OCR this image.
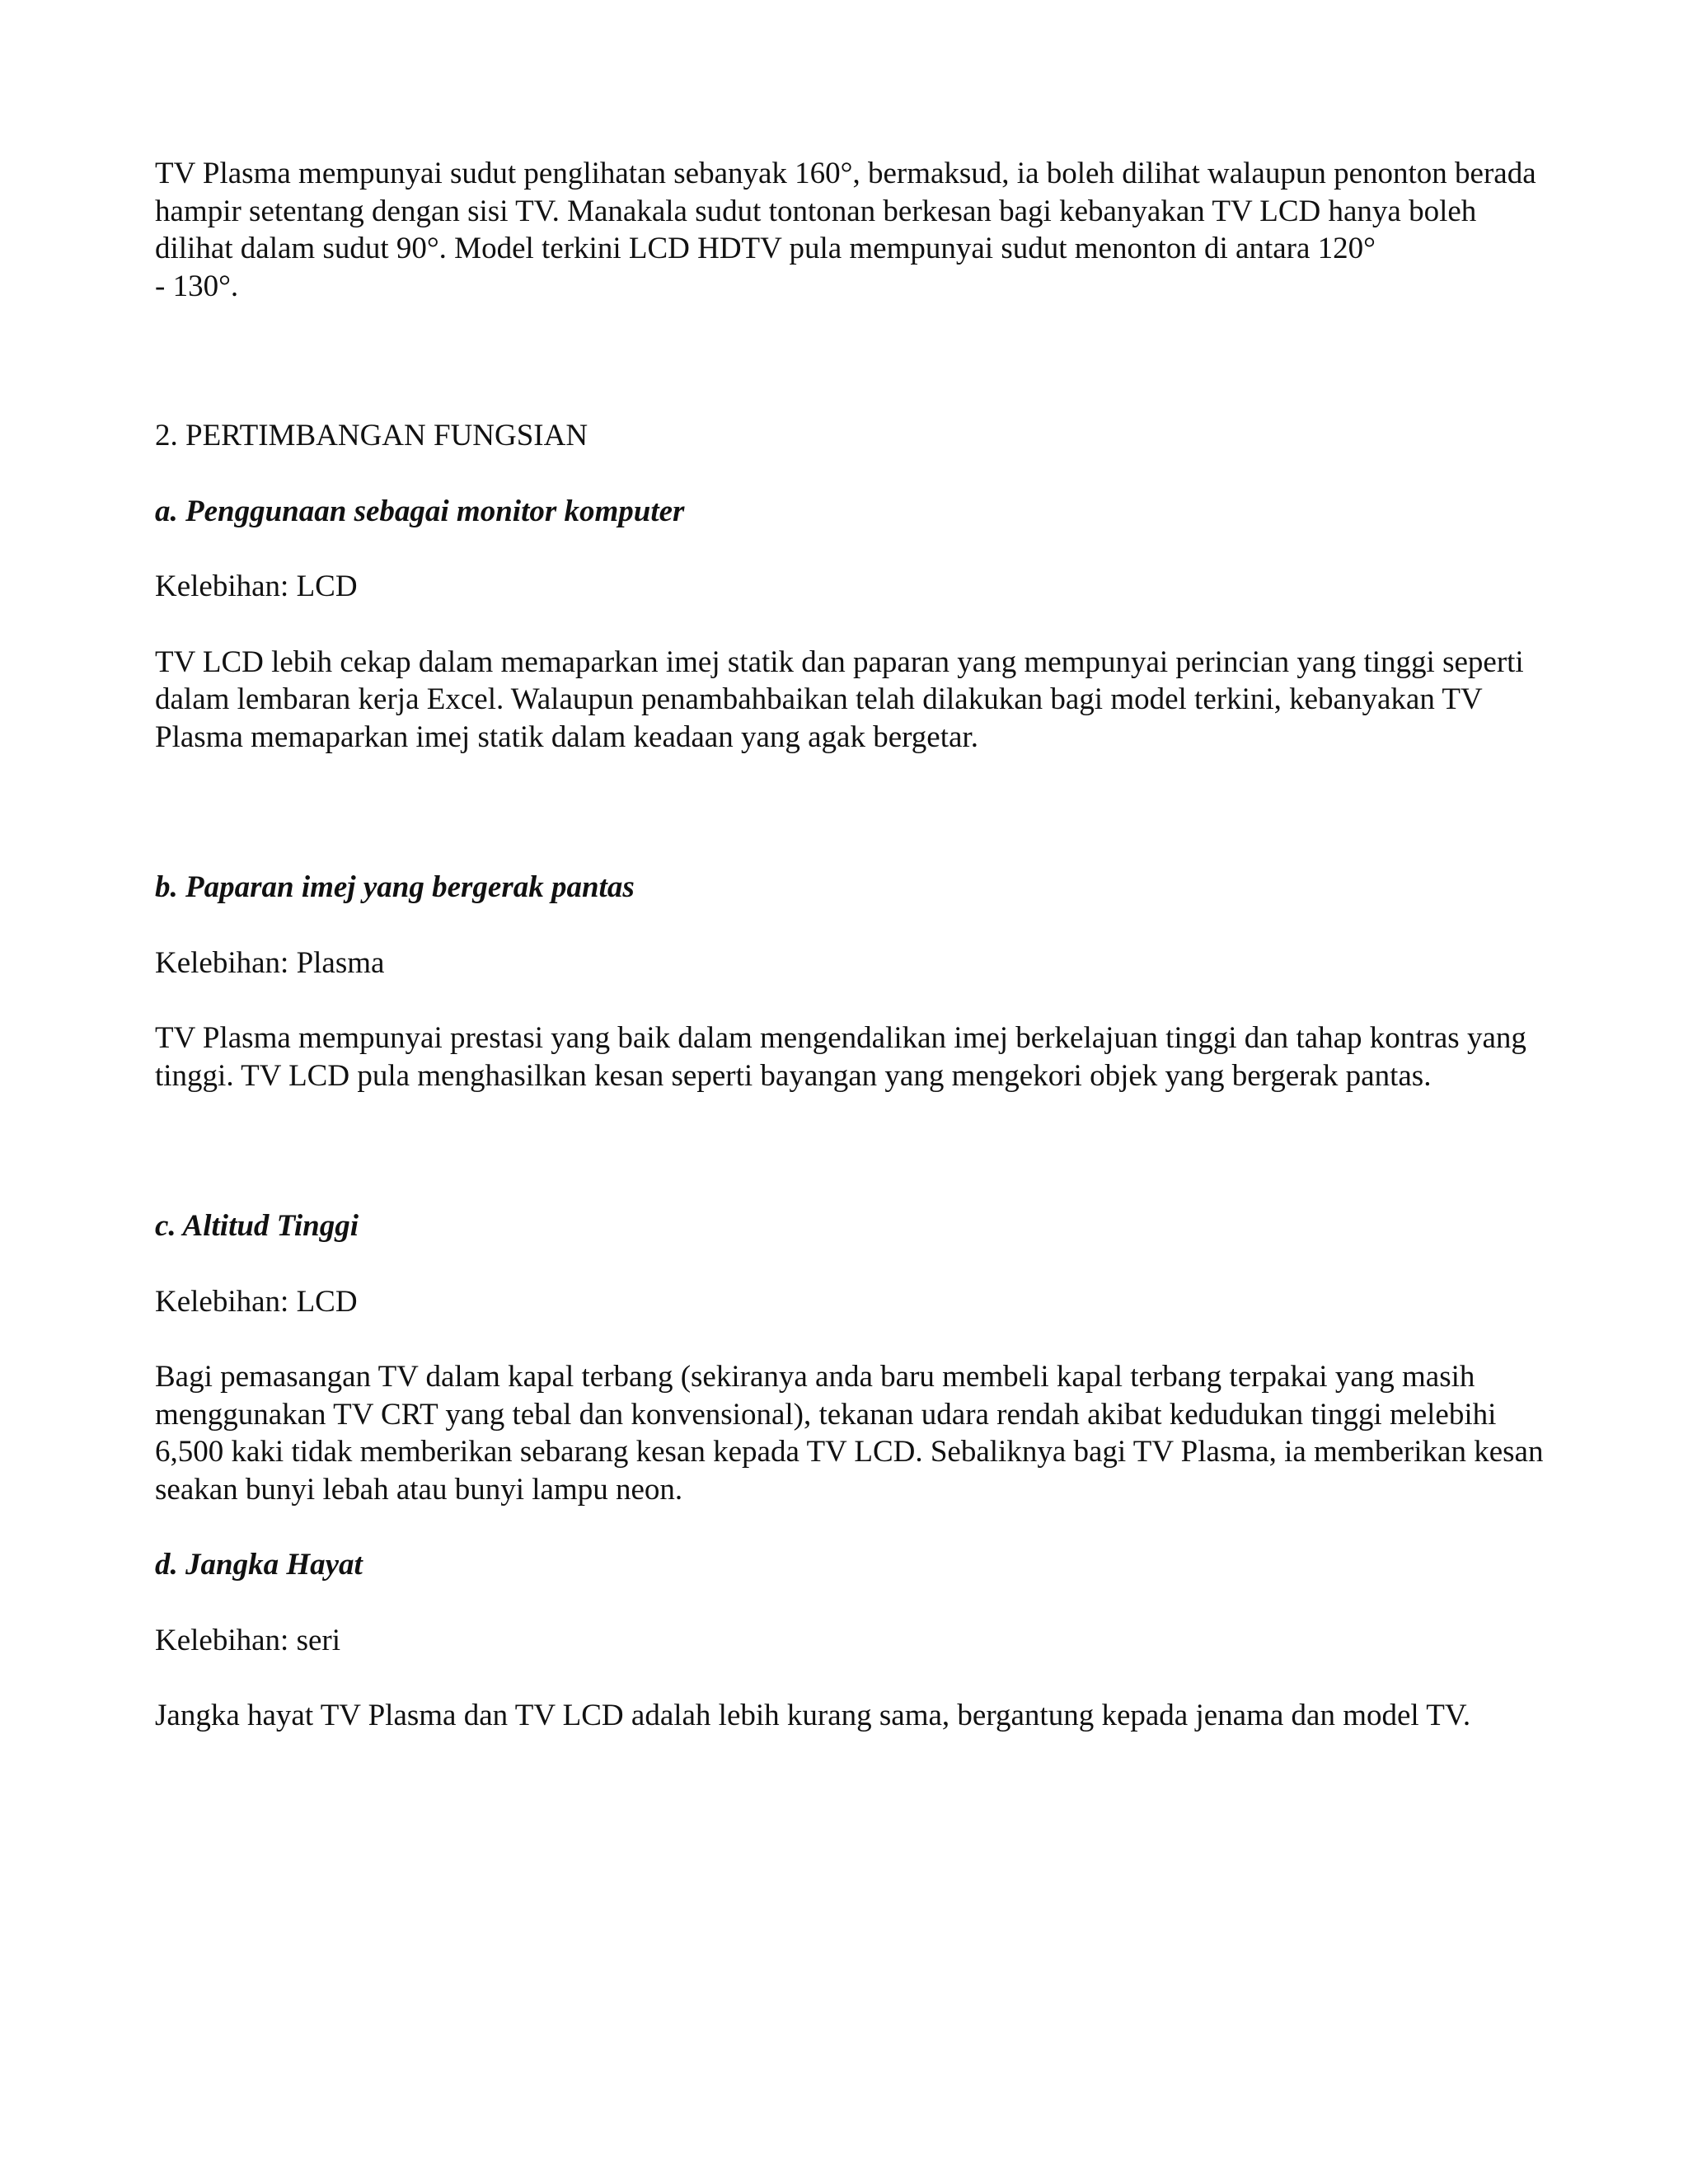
TV Plasma mempunyai sudut penglihatan sebanyak 160°, bermaksud, ia boleh dilihat walaupun penonton berada hampir setentang dengan sisi TV. Manakala sudut tontonan berkesan bagi kebanyakan TV LCD hanya boleh dilihat dalam sudut 90°. Model terkini LCD HDTV pula mempunyai sudut menonton di antara 120°
- 130°.

2. PERTIMBANGAN FUNGSIAN

a. Penggunaan sebagai monitor komputer

Kelebihan: LCD

TV LCD lebih cekap dalam memaparkan imej statik dan paparan yang mempunyai perincian yang tinggi seperti dalam lembaran kerja Excel. Walaupun penambahbaikan telah dilakukan bagi model terkini, kebanyakan TV Plasma memaparkan imej statik dalam keadaan yang agak bergetar.

b. Paparan imej yang bergerak pantas

Kelebihan: Plasma

TV Plasma mempunyai prestasi yang baik dalam mengendalikan imej berkelajuan tinggi dan tahap kontras yang tinggi. TV LCD pula menghasilkan kesan seperti bayangan yang mengekori objek yang bergerak pantas.

c. Altitud Tinggi

Kelebihan: LCD

Bagi pemasangan TV dalam kapal terbang (sekiranya anda baru membeli kapal terbang terpakai yang masih menggunakan TV CRT yang tebal dan konvensional), tekanan udara rendah akibat kedudukan tinggi melebihi 6,500 kaki tidak memberikan sebarang kesan kepada TV LCD. Sebaliknya bagi TV Plasma, ia memberikan kesan seakan bunyi lebah atau bunyi lampu neon.

d. Jangka Hayat

Kelebihan: seri

Jangka hayat TV Plasma dan TV LCD adalah lebih kurang sama, bergantung kepada jenama dan model TV.
